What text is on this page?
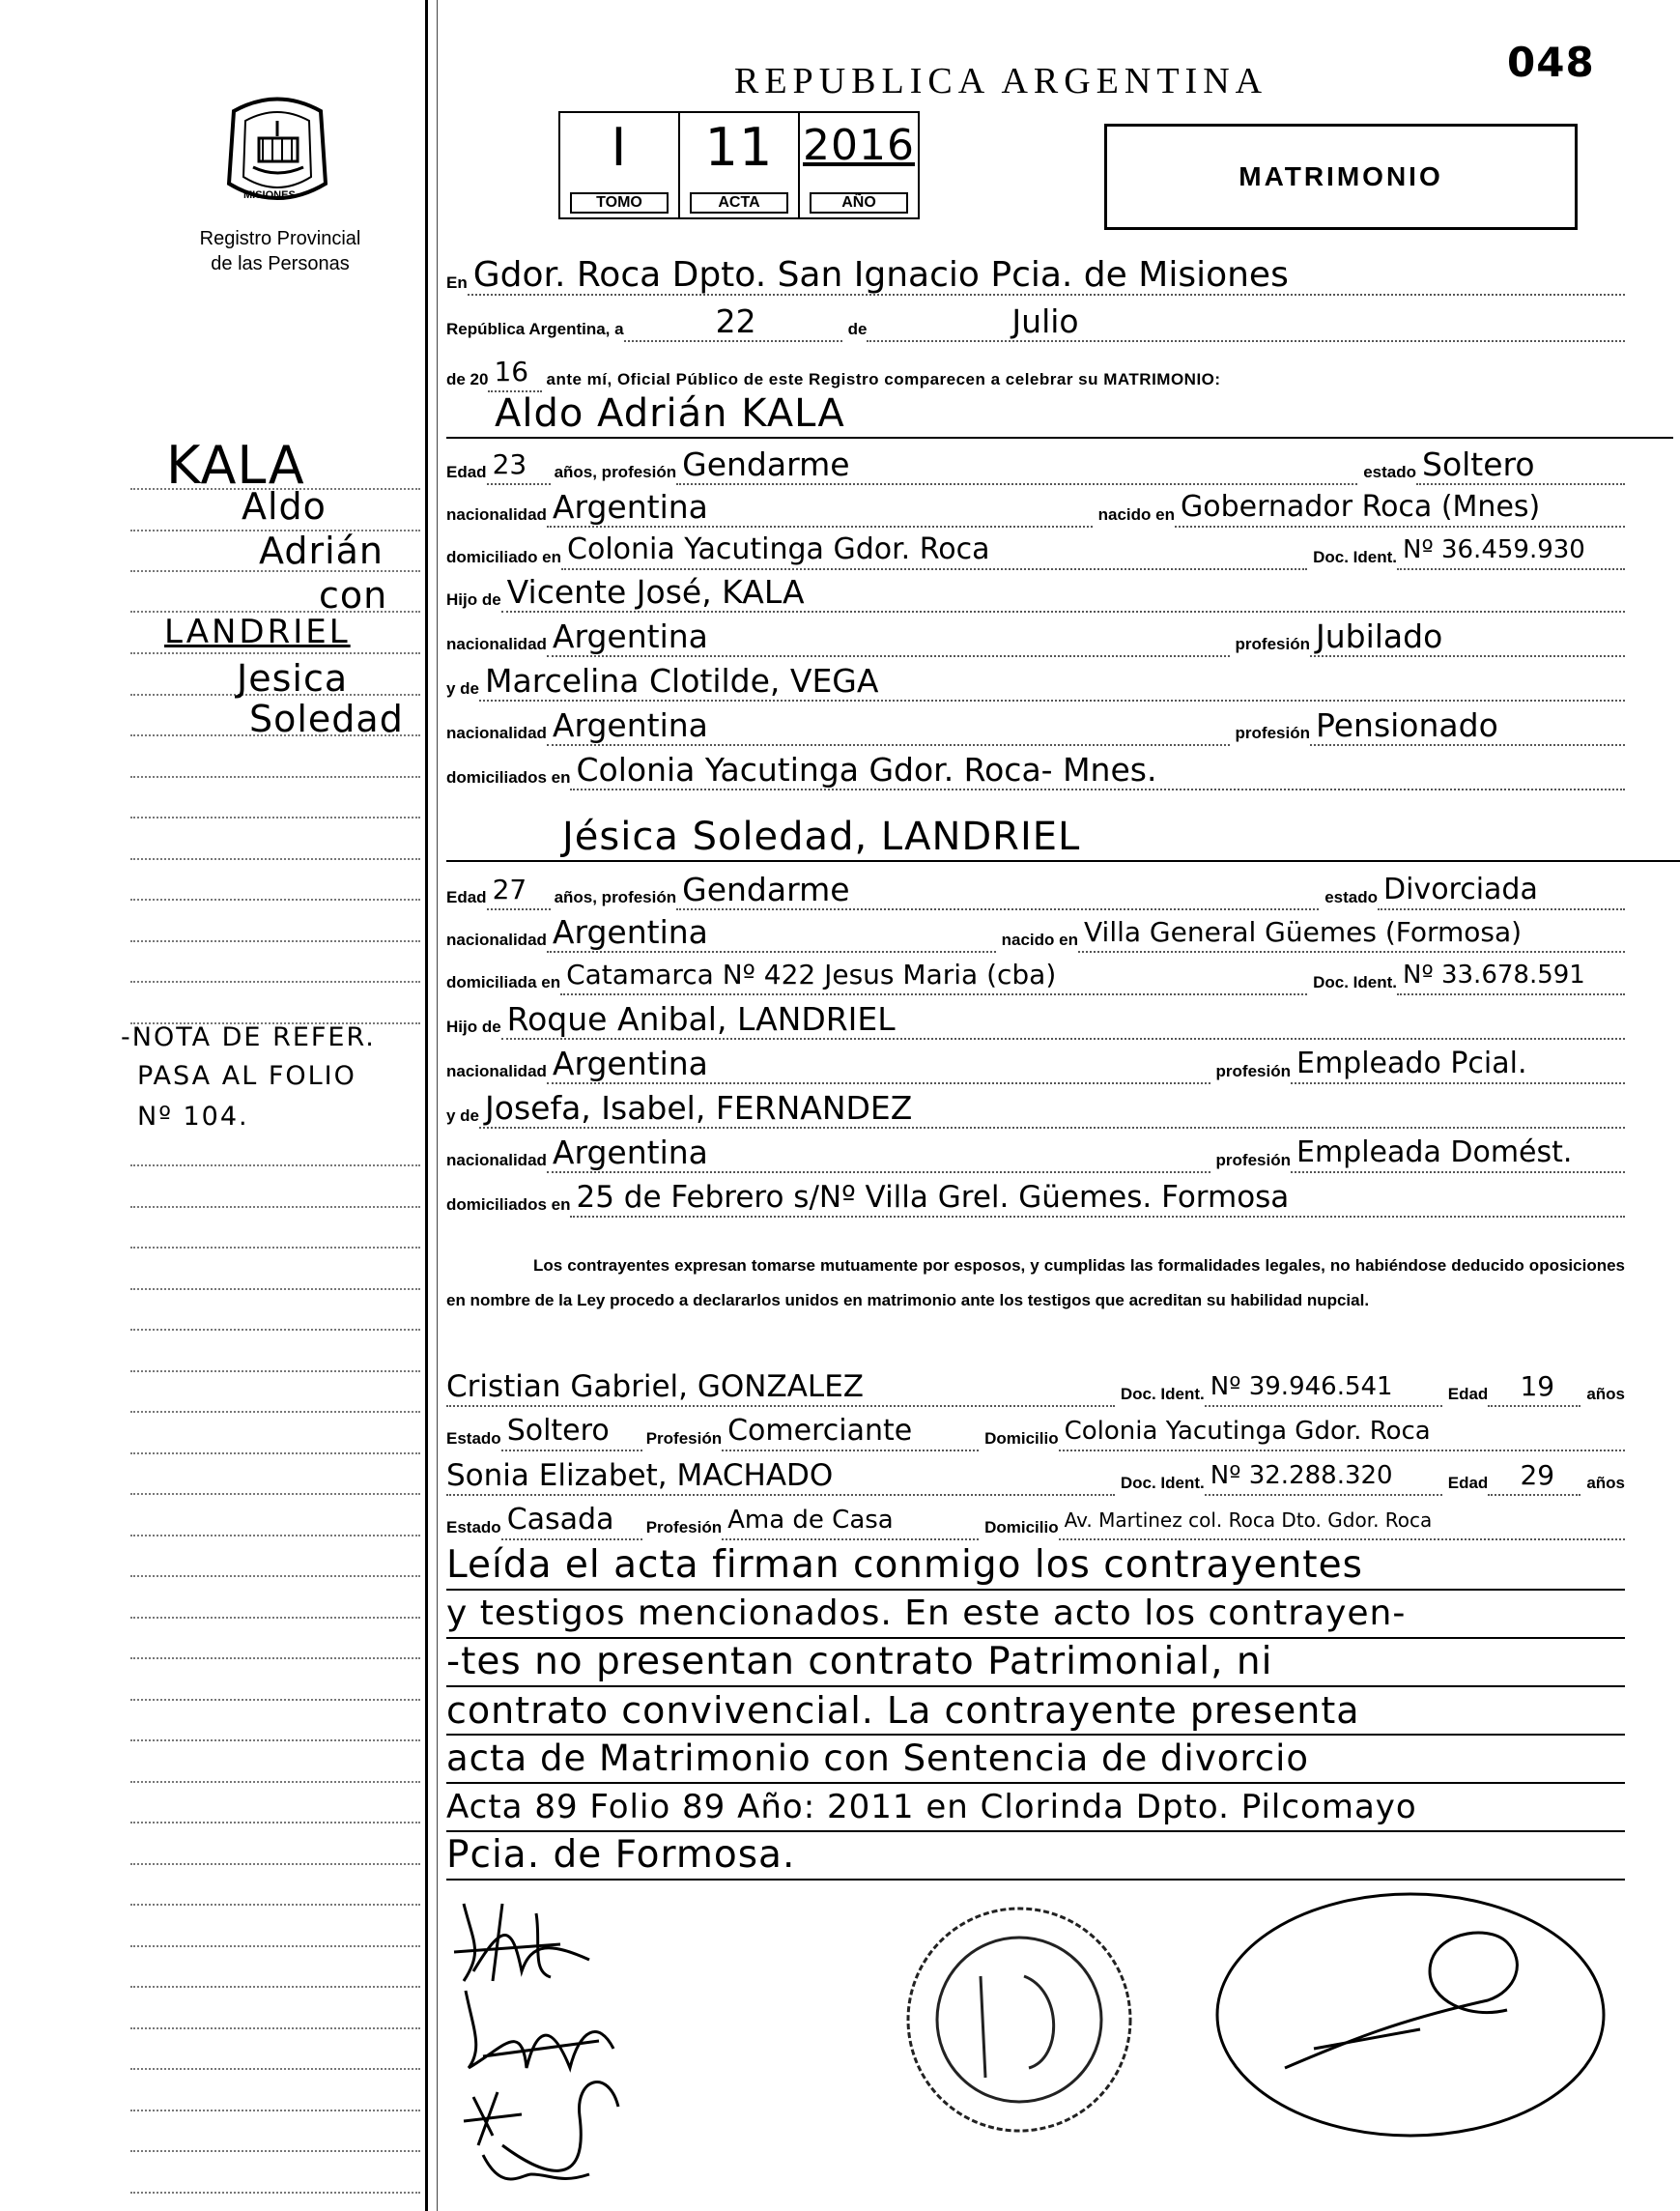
MISIONES
Registro Provincial
de las Personas
KALA
Aldo
Adrián
con
LANDRIEL
Jesica
Soledad
-NOTA DE REFER.
PASA AL FOLIO
Nº 104.
REPUBLICA ARGENTINA	048
I
TOMO
11
ACTA
2016
AÑO
MATRIMONIO
En Gdor. Roca Dpto. San Ignacio Pcia. de Misiones
República Argentina, a	22	de	Julio
de 20 16	ante mí, Oficial Público de este Registro comparecen a celebrar su MATRIMONIO:
Aldo Adrián KALA
Edad 23	años, profesión Gendarme	estado Soltero
nacionalidad Argentina	nacido en Gobernador Roca (Mnes)
domiciliado en Colonia Yacutinga Gdor. Roca	Doc. Ident. Nº 36.459.930
Hijo de Vicente José, KALA
nacionalidad Argentina	profesión Jubilado
y de Marcelina Clotilde, VEGA
nacionalidad Argentina	profesión Pensionado
domiciliados en Colonia Yacutinga Gdor. Roca- Mnes.
Jésica Soledad, LANDRIEL
Edad 27	años, profesión Gendarme	estado Divorciada
nacionalidad Argentina	nacido en Villa General Güemes (Formosa)
domiciliada en Catamarca Nº 422 Jesus Maria (cba)	Doc. Ident. Nº 33.678.591
Hijo de Roque Anibal, LANDRIEL
nacionalidad Argentina	profesión Empleado Pcial.
y de Josefa, Isabel, FERNANDEZ
nacionalidad Argentina	profesión Empleada Domést.
domiciliados en 25 de Febrero s/Nº Villa Grel. Güemes. Formosa
Los contrayentes expresan tomarse mutuamente por esposos, y cumplidas las formalidades legales, no habiéndose deducido oposiciones en nombre de la Ley procedo a declararlos unidos en matrimonio ante los testigos que acreditan su habilidad nupcial.
Cristian Gabriel, GONZALEZ	Doc. Ident. Nº 39.946.541	Edad	19	años
Estado Soltero	Profesión Comerciante	Domicilio Colonia Yacutinga Gdor. Roca
Sonia Elizabet, MACHADO	Doc. Ident. Nº 32.288.320	Edad	29	años
Estado Casada	Profesión Ama de Casa	Domicilio Av. Martinez col. Roca Dto. Gdor. Roca
Leída el acta firman conmigo los contrayentes
y testigos mencionados. En este acto los contrayen-
-tes no presentan contrato Patrimonial, ni
contrato convivencial. La contrayente presenta
acta de Matrimonio con Sentencia de divorcio
Acta 89 Folio 89 Año: 2011 en Clorinda Dpto. Pilcomayo
Pcia. de Formosa.
